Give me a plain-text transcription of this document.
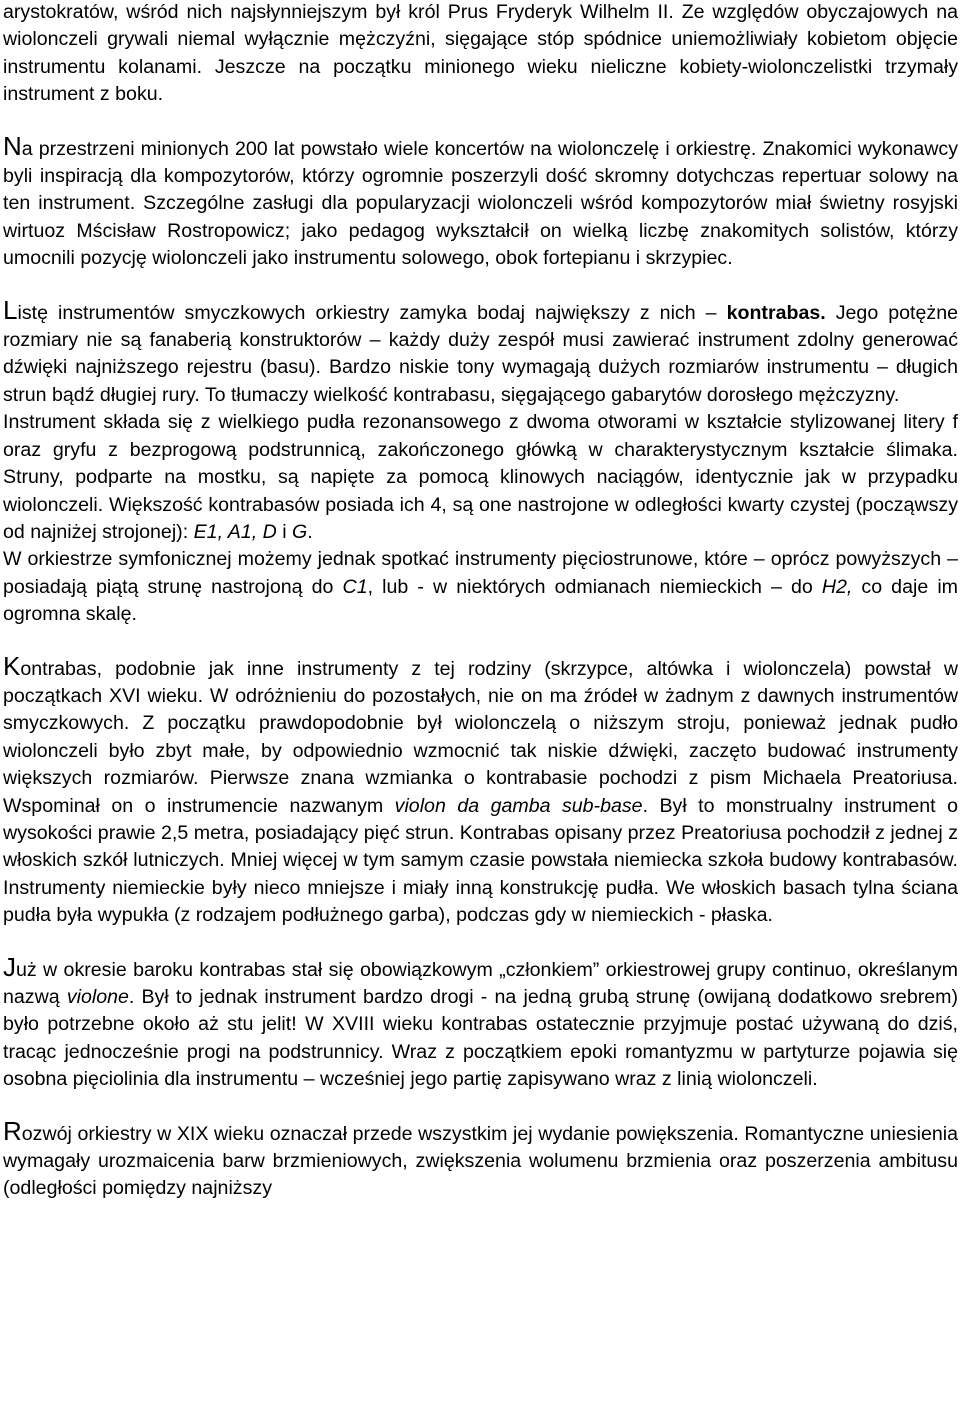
arystokratów, wśród nich najsłynniejszym był król Prus Fryderyk Wilhelm II. Ze względów obyczajowych na wiolonczeli grywali niemal wyłącznie mężczyźni, sięgające stóp spódnice uniemożliwiały kobietom objęcie instrumentu kolanami. Jeszcze na początku minionego wieku nieliczne kobiety-wiolonczelistki trzymały instrument z boku.

Na przestrzeni minionych 200 lat powstało wiele koncertów na wiolonczelę i orkiestrę. Znakomici wykonawcy byli inspiracją dla kompozytorów, którzy ogromnie poszerzyli dość skromny dotychczas repertuar solowy na ten instrument. Szczególne zasługi dla popularyzacji wiolonczeli wśród kompozytorów miał świetny rosyjski wirtuoz Mścisław Rostropowicz; jako pedagog wykształcił on wielką liczbę znakomitych solistów, którzy umocnili pozycję wiolonczeli jako instrumentu solowego, obok fortepianu i skrzypiec.

Listę instrumentów smyczkowych orkiestry zamyka bodaj największy z nich – kontrabas. Jego potężne rozmiary nie są fanaberią konstruktorów – każdy duży zespół musi zawierać instrument zdolny generować dźwięki najniższego rejestru (basu). Bardzo niskie tony wymagają dużych rozmiarów instrumentu – długich strun bądź długiej rury. To tłumaczy wielkość kontrabasu, sięgającego gabarytów dorosłego mężczyzny.

Instrument składa się z wielkiego pudła rezonansowego z dwoma otworami w kształcie stylizowanej litery f oraz gryfu z bezprogową podstrunnicą, zakończonego główką w charakterystycznym kształcie ślimaka. Struny, podparte na mostku, są napięte za pomocą klinowych naciągów, identycznie jak w przypadku wiolonczeli. Większość kontrabasów posiada ich 4, są one nastrojone w odległości kwarty czystej (począwszy od najniżej strojonej): E1, A1, D i G.

W orkiestrze symfonicznej możemy jednak spotkać instrumenty pięciostrunowe, które – oprócz powyższych – posiadają piątą strunę nastrojoną do C1, lub - w niektórych odmianach niemieckich – do H2, co daje im ogromna skalę.

Kontrabas, podobnie jak inne instrumenty z tej rodziny (skrzypce, altówka i wiolonczela) powstał w początkach XVI wieku. W odróżnieniu do pozostałych, nie on ma źródeł w żadnym z dawnych instrumentów smyczkowych. Z początku prawdopodobnie był wiolonczelą o niższym stroju, ponieważ jednak pudło wiolonczeli było zbyt małe, by odpowiednio wzmocnić tak niskie dźwięki, zaczęto budować instrumenty większych rozmiarów. Pierwsze znana wzmianka o kontrabasie pochodzi z pism Michaela Preatoriusa. Wspominał on o instrumencie nazwanym violon da gamba sub-base. Był to monstrualny instrument o wysokości prawie 2,5 metra, posiadający pięć strun. Kontrabas opisany przez Preatoriusa pochodził z jednej z włoskich szkół lutniczych. Mniej więcej w tym samym czasie powstała niemiecka szkoła budowy kontrabasów. Instrumenty niemieckie były nieco mniejsze i miały inną konstrukcję pudła. We włoskich basach tylna ściana pudła była wypukła (z rodzajem podłużnego garba), podczas gdy w niemieckich - płaska.

Już w okresie baroku kontrabas stał się obowiązkowym „członkiem” orkiestrowej grupy continuo, określanym nazwą violone. Był to jednak instrument bardzo drogi - na jedną grubą strunę (owijaną dodatkowo srebrem) było potrzebne około aż stu jelit! W XVIII wieku kontrabas ostatecznie przyjmuje postać używaną do dziś, tracąc jednocześnie progi na podstrunnicy. Wraz z początkiem epoki romantyzmu w partyturze pojawia się osobna pięciolinia dla instrumentu – wcześniej jego partię zapisywano wraz z linią wiolonczeli.

Rozwój orkiestry w XIX wieku oznaczał przede wszystkim jej wydanie powiększenia. Romantyczne uniesienia wymagały urozmaicenia barw brzmieniowych, zwiększenia wolumenu brzmienia oraz poszerzenia ambitusu (odległości pomiędzy najniższy
